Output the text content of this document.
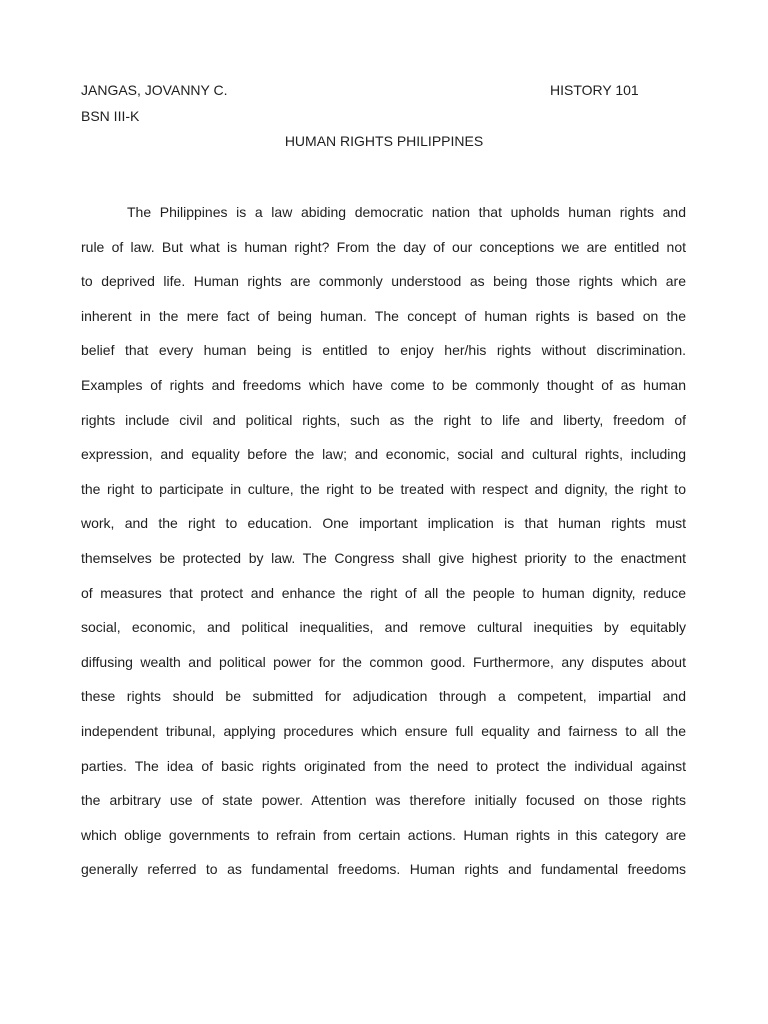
JANGAS, JOVANNY C.	HISTORY 101
BSN III-K
HUMAN RIGHTS PHILIPPINES
The Philippines is a law abiding democratic nation that upholds human rights and
rule of law. But what is human right? From the day of our conceptions we are entitled not
to deprived life. Human rights are commonly understood as being those rights which are
inherent in the mere fact of being human. The concept of human rights is based on the
belief that every human being is entitled to enjoy her/his rights without discrimination.
Examples of rights and freedoms which have come to be commonly thought of as human
rights include civil and political rights, such as the right to life and liberty, freedom of
expression, and equality before the law; and economic, social and cultural rights, including
the right to participate in culture, the right to be treated with respect and dignity, the right to
work, and the right to education. One important implication is that human rights must
themselves be protected by law. The Congress shall give highest priority to the enactment
of measures that protect and enhance the right of all the people to human dignity, reduce
social, economic, and political inequalities, and remove cultural inequities by equitably
diffusing wealth and political power for the common good. Furthermore, any disputes about
these rights should be submitted for adjudication through a competent, impartial and
independent tribunal, applying procedures which ensure full equality and fairness to all the
parties. The idea of basic rights originated from the need to protect the individual against
the arbitrary use of state power. Attention was therefore initially focused on those rights
which oblige governments to refrain from certain actions. Human rights in this category are
generally referred to as fundamental freedoms. Human rights and fundamental freedoms
